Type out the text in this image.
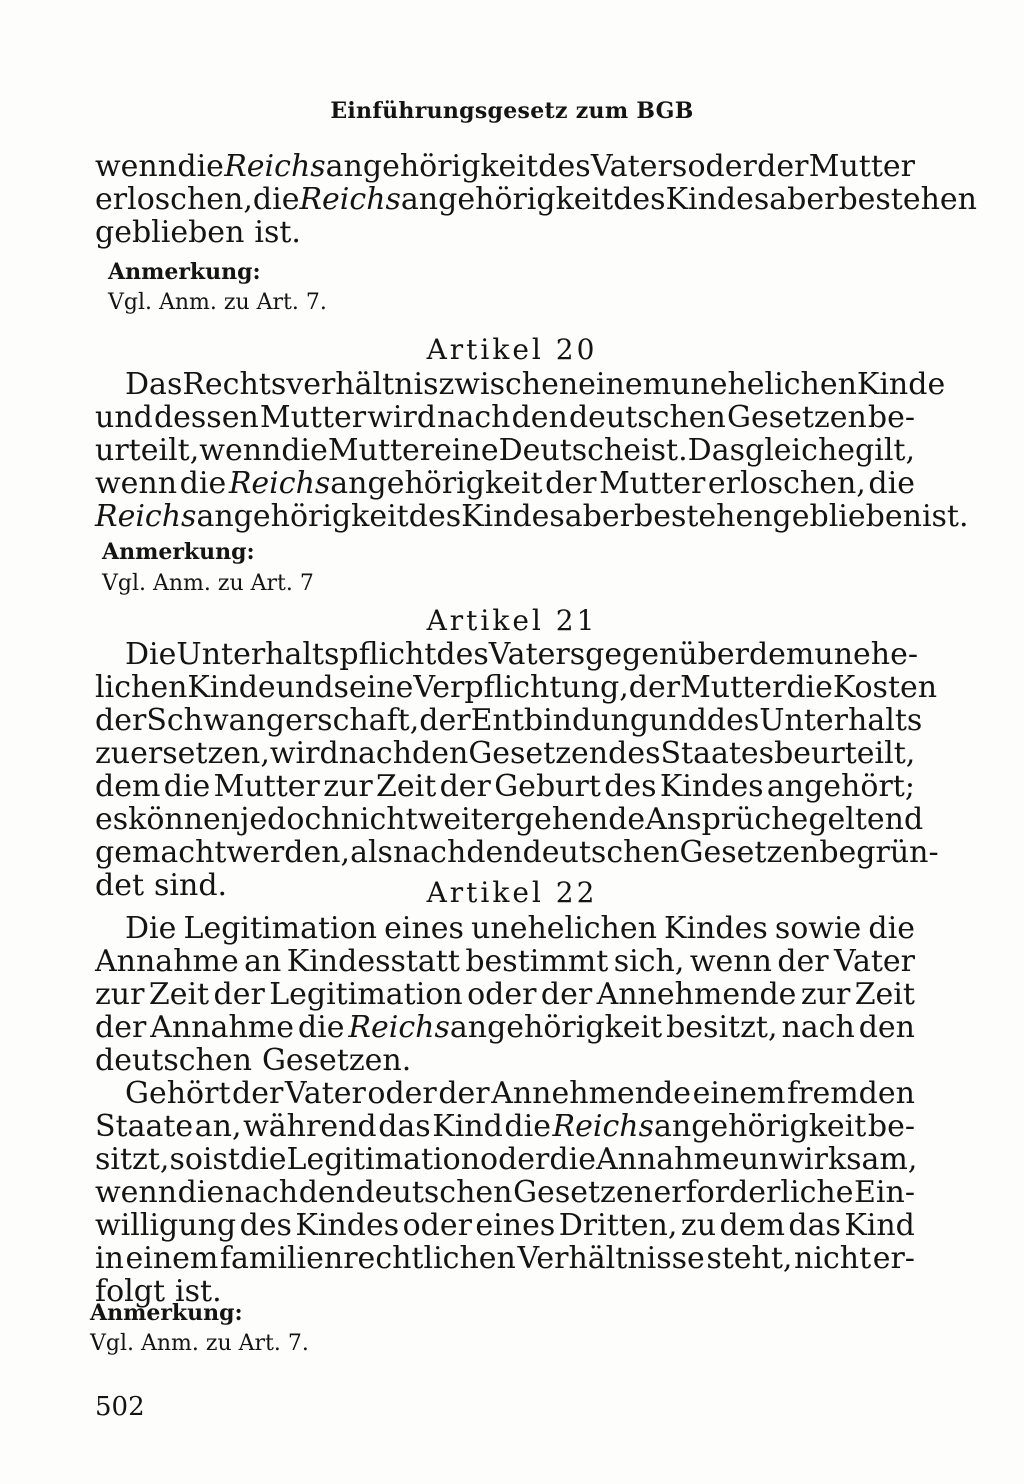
Einführungsgesetz zum BGB
wenn die Reichsangehörigkeit des Vaters oder der Mutter
erloschen, die Reichsangehörigkeit des Kindes aber bestehen
geblieben ist.
Anmerkung:
Vgl. Anm. zu Art. 7.
Artikel 20
Das Rechtsverhältnis zwischen einem unehelichen Kinde
und dessen Mutter wird nach den deutschen Gesetzen be-
urteilt, wenn die Mutter eine Deutsche ist. Das gleiche gilt,
wenn die Reichsangehörigkeit der Mutter erloschen, die
Reichsangehörigkeit des Kindes aber bestehen geblieben ist.
Anmerkung:
Vgl. Anm. zu Art. 7
Artikel 21
Die Unterhaltspflicht des Vaters gegenüber dem unehe-
lichen Kinde und seine Verpflichtung, der Mutter die Kosten
der Schwangerschaft, der Entbindung und des Unterhalts
zu ersetzen, wird nach den Gesetzen des Staates beurteilt,
dem die Mutter zur Zeit der Geburt des Kindes angehört;
es können jedoch nicht weitergehende Ansprüche geltend
gemacht werden, als nach den deutschen Gesetzen begrün-
det sind.	Artikel 22
Die Legitimation eines unehelichen Kindes sowie die
Annahme an Kindesstatt bestimmt sich, wenn der Vater
zur Zeit der Legitimation oder der Annehmende zur Zeit
der Annahme die Reichsangehörigkeit besitzt, nach den
deutschen Gesetzen.
Gehört der Vater oder der Annehmende einem fremden
Staate an, während das Kind die Reichsangehörigkeit be-
sitzt, so ist die Legitimation oder die Annahme unwirksam,
wenn die nach den deutschen Gesetzen erforderliche Ein-
willigung des Kindes oder eines Dritten, zu dem das Kind
in einem familienrechtlichen Verhältnisse steht, nicht er-
folgt ist.
Anmerkung:
Vgl. Anm. zu Art. 7.
502
